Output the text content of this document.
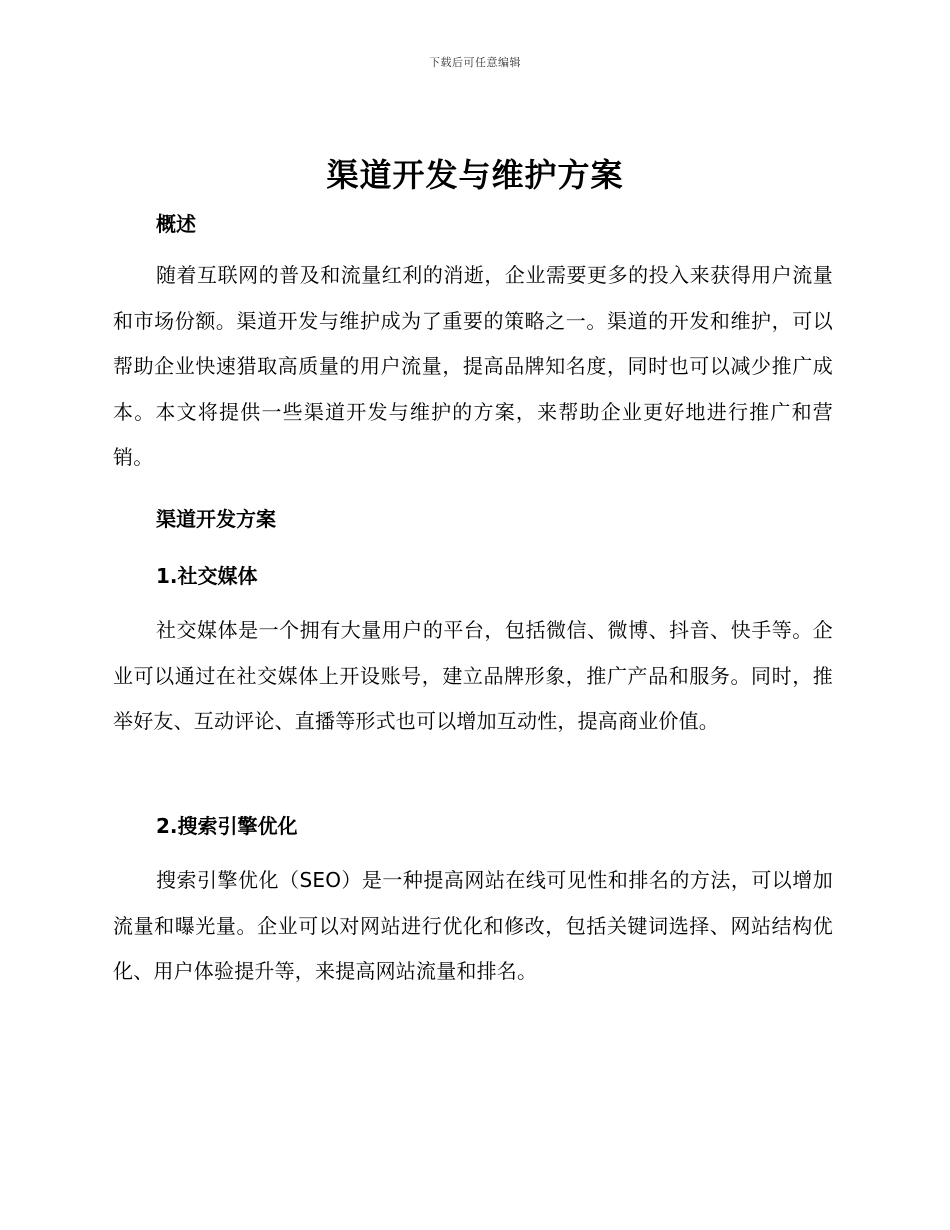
下载后可任意编辑
渠道开发与维护方案
概述

随着互联网的普及和流量红利的消逝，企业需要更多的投入来获得用户流量和市场份额。渠道开发与维护成为了重要的策略之一。渠道的开发和维护，可以帮助企业快速猎取高质量的用户流量，提高品牌知名度，同时也可以减少推广成本。本文将提供一些渠道开发与维护的方案，来帮助企业更好地进行推广和营销。

渠道开发方案
1.社交媒体

社交媒体是一个拥有大量用户的平台，包括微信、微博、抖音、快手等。企业可以通过在社交媒体上开设账号，建立品牌形象，推广产品和服务。同时，推举好友、互动评论、直播等形式也可以增加互动性，提高商业价值。

2.搜索引擎优化

搜索引擎优化（SEO）是一种提高网站在线可见性和排名的方法，可以增加流量和曝光量。企业可以对网站进行优化和修改，包括关键词选择、网站结构优化、用户体验提升等，来提高网站流量和排名。
